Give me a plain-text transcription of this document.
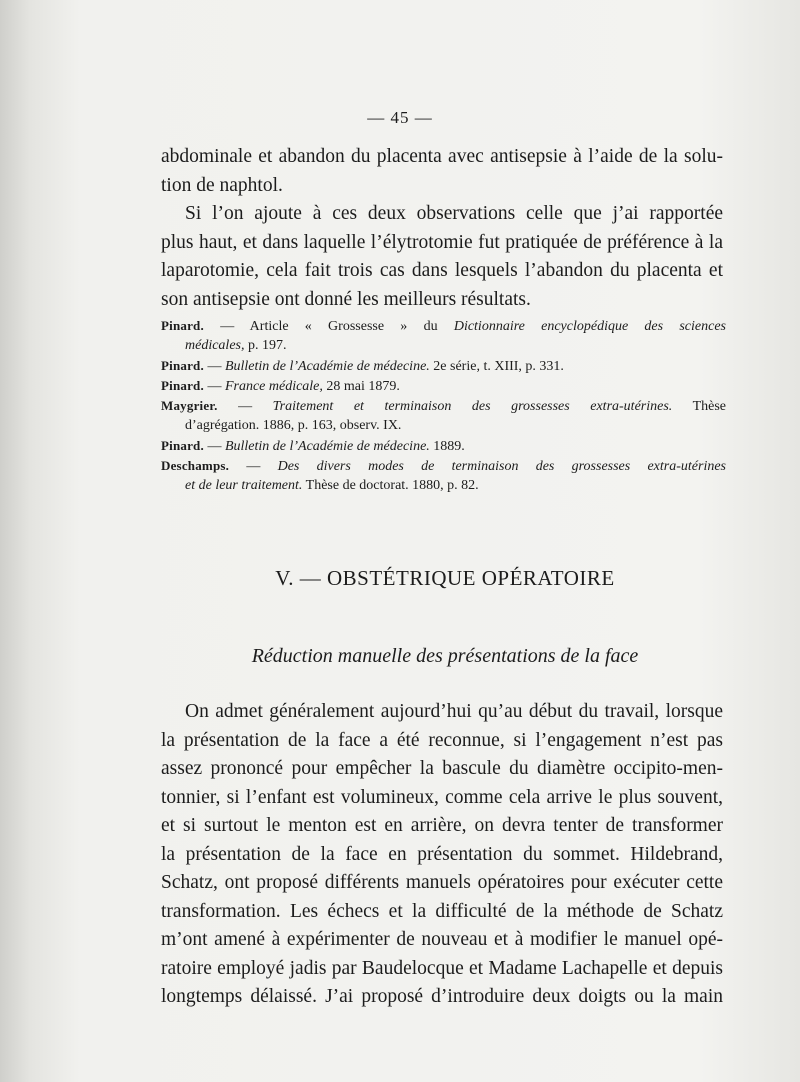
— 45 —
abdominale et abandon du placenta avec antisepsie à l’aide de la solu-
tion de naphtol.
Si l’on ajoute à ces deux observations celle que j’ai rapportée
plus haut, et dans laquelle l’élytrotomie fut pratiquée de préférence à la
laparotomie, cela fait trois cas dans lesquels l’abandon du placenta et
son antisepsie ont donné les meilleurs résultats.
Pinard. — Article « Grossesse » du Dictionnaire encyclopédique des sciences
médicales, p. 197.
Pinard. — Bulletin de l’Académie de médecine. 2e série, t. XIII, p. 331.
Pinard. — France médicale, 28 mai 1879.
Maygrier. — Traitement et terminaison des grossesses extra-utérines. Thèse
d’agrégation. 1886, p. 163, observ. IX.
Pinard. — Bulletin de l’Académie de médecine. 1889.
Deschamps. — Des divers modes de terminaison des grossesses extra-utérines
et de leur traitement. Thèse de doctorat. 1880, p. 82.
V. — OBSTÉTRIQUE OPÉRATOIRE
Réduction manuelle des présentations de la face
On admet généralement aujourd’hui qu’au début du travail, lorsque
la présentation de la face a été reconnue, si l’engagement n’est pas
assez prononcé pour empêcher la bascule du diamètre occipito-men-
tonnier, si l’enfant est volumineux, comme cela arrive le plus souvent,
et si surtout le menton est en arrière, on devra tenter de transformer
la présentation de la face en présentation du sommet. Hildebrand,
Schatz, ont proposé différents manuels opératoires pour exécuter cette
transformation. Les échecs et la difficulté de la méthode de Schatz
m’ont amené à expérimenter de nouveau et à modifier le manuel opé-
ratoire employé jadis par Baudelocque et Madame Lachapelle et depuis
longtemps délaissé. J’ai proposé d’introduire deux doigts ou la main
